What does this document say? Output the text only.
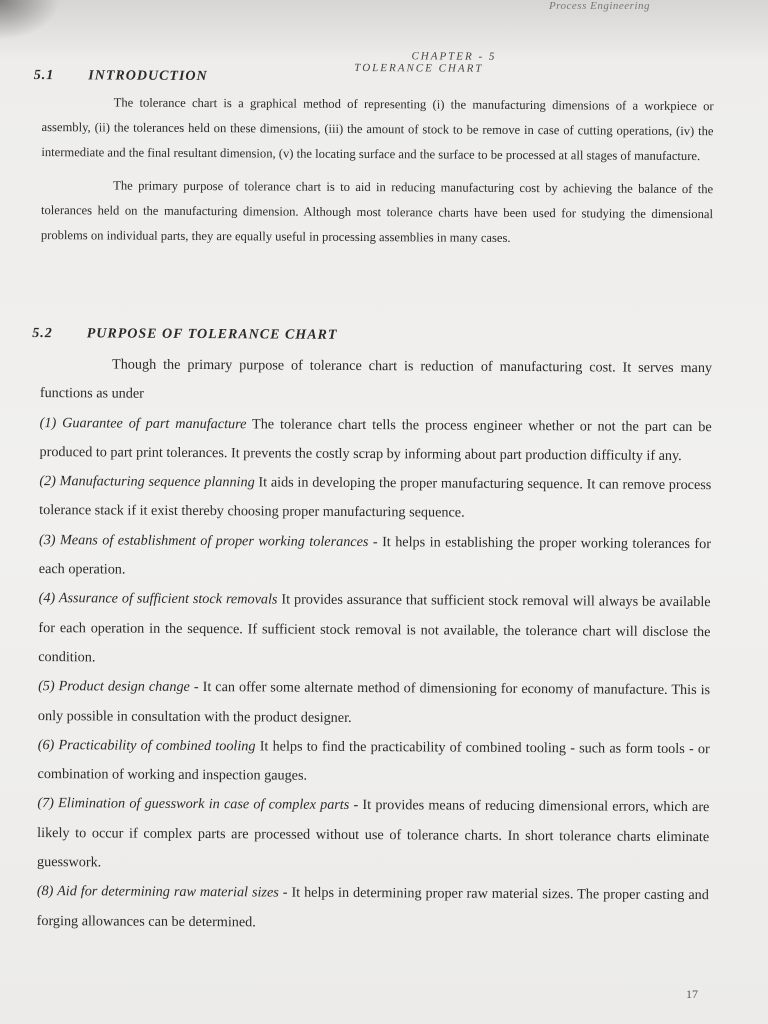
Process Engineering
CHAPTER - 5
TOLERANCE CHART
5.1 INTRODUCTION

The tolerance chart is a graphical method of representing (i) the manufacturing dimensions of a workpiece or assembly, (ii) the tolerances held on these dimensions, (iii) the amount of stock to be remove in case of cutting operations, (iv) the intermediate and the final resultant dimension, (v) the locating surface and the surface to be processed at all stages of manufacture.

The primary purpose of tolerance chart is to aid in reducing manufacturing cost by achieving the balance of the tolerances held on the manufacturing dimension. Although most tolerance charts have been used for studying the dimensional problems on individual parts, they are equally useful in processing assemblies in many cases.

5.2 PURPOSE OF TOLERANCE CHART

Though the primary purpose of tolerance chart is reduction of manufacturing cost. It serves many functions as under

(1) Guarantee of part manufacture The tolerance chart tells the process engineer whether or not the part can be produced to part print tolerances. It prevents the costly scrap by informing about part production difficulty if any.

(2) Manufacturing sequence planning It aids in developing the proper manufacturing sequence. It can remove process tolerance stack if it exist thereby choosing proper manufacturing sequence.

(3) Means of establishment of proper working tolerances - It helps in establishing the proper working tolerances for each operation.

(4) Assurance of sufficient stock removals It provides assurance that sufficient stock removal will always be available for each operation in the sequence. If sufficient stock removal is not available, the tolerance chart will disclose the condition.

(5) Product design change - It can offer some alternate method of dimensioning for economy of manufacture. This is only possible in consultation with the product designer.

(6) Practicability of combined tooling It helps to find the practicability of combined tooling - such as form tools - or combination of working and inspection gauges.

(7) Elimination of guesswork in case of complex parts - It provides means of reducing dimensional errors, which are likely to occur if complex parts are processed without use of tolerance charts. In short tolerance charts eliminate guesswork.

(8) Aid for determining raw material sizes - It helps in determining proper raw material sizes. The proper casting and forging allowances can be determined.

17
